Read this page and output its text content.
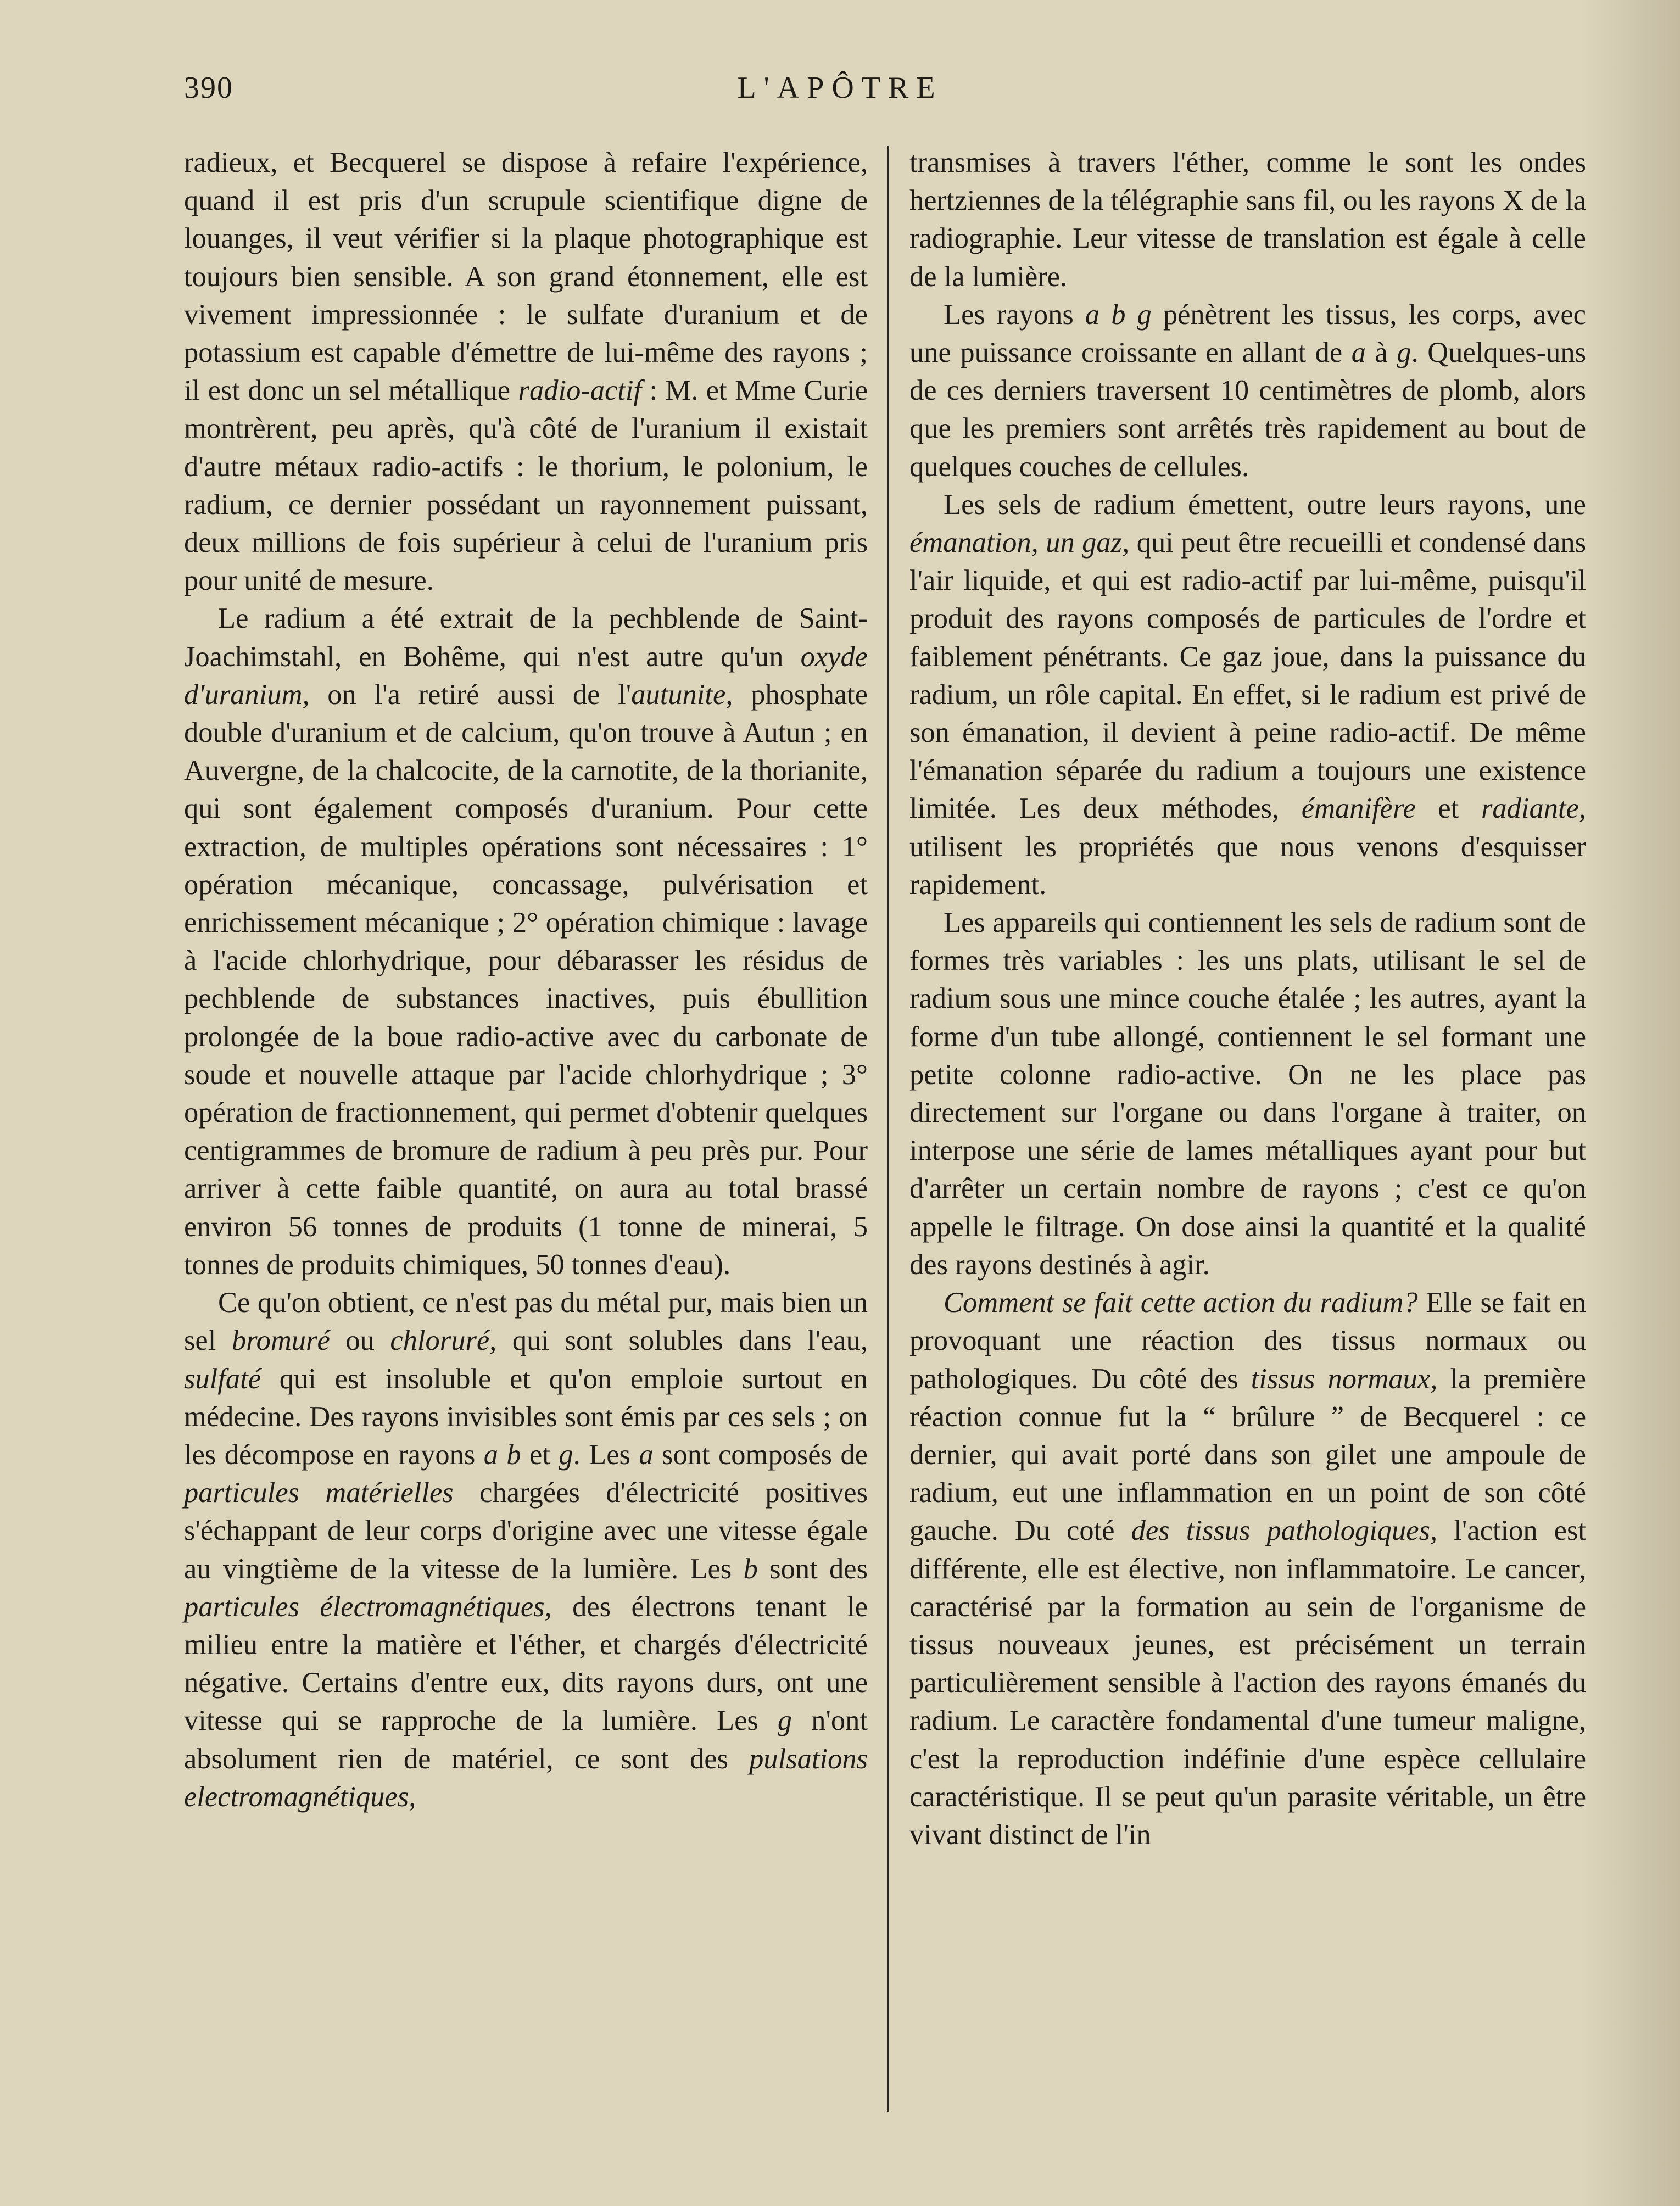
390	L'APÔTRE

radieux, et Becquerel se dispose à refaire l'expérience, quand il est pris d'un scrupule scientifique digne de louanges, il veut vérifier si la plaque photographique est toujours bien sensible. A son grand étonnement, elle est vivement impressionnée : le sulfate d'uranium et de potassium est capable d'émettre de lui-même des rayons ; il est donc un sel métallique radio-actif : M. et Mme Curie montrèrent, peu après, qu'à côté de l'uranium il existait d'autre métaux radio-actifs : le thorium, le polonium, le radium, ce dernier possédant un rayonnement puissant, deux millions de fois supérieur à celui de l'uranium pris pour unité de mesure.

Le radium a été extrait de la pechblende de Saint-Joachimstahl, en Bohême, qui n'est autre qu'un oxyde d'uranium, on l'a retiré aussi de l'autunite, phosphate double d'uranium et de calcium, qu'on trouve à Autun ; en Auvergne, de la chalcocite, de la carnotite, de la thorianite, qui sont également composés d'uranium. Pour cette extraction, de multiples opérations sont nécessaires : 1° opération mécanique, concassage, pulvérisation et enrichissement mécanique ; 2° opération chimique : lavage à l'acide chlorhydrique, pour débarasser les résidus de pechblende de substances inactives, puis ébullition prolongée de la boue radio-active avec du carbonate de soude et nouvelle attaque par l'acide chlorhydrique ; 3° opération de fractionnement, qui permet d'obtenir quelques centigrammes de bromure de radium à peu près pur. Pour arriver à cette faible quantité, on aura au total brassé environ 56 tonnes de produits (1 tonne de minerai, 5 tonnes de produits chimiques, 50 tonnes d'eau).

Ce qu'on obtient, ce n'est pas du métal pur, mais bien un sel bromuré ou chloruré, qui sont solubles dans l'eau, sulfaté qui est insoluble et qu'on emploie surtout en médecine. Des rayons invisibles sont émis par ces sels ; on les décompose en rayons a b et g. Les a sont composés de particules matérielles chargées d'électricité positives s'échappant de leur corps d'origine avec une vitesse égale au vingtième de la vitesse de la lumière. Les b sont des particules électromagnétiques, des électrons tenant le milieu entre la matière et l'éther, et chargés d'électricité négative. Certains d'entre eux, dits rayons durs, ont une vitesse qui se rapproche de la lumière. Les g n'ont absolument rien de matériel, ce sont des pulsations electromagnétiques,

transmises à travers l'éther, comme le sont les ondes hertziennes de la télégraphie sans fil, ou les rayons X de la radiographie. Leur vitesse de translation est égale à celle de la lumière.

Les rayons a b g pénètrent les tissus, les corps, avec une puissance croissante en allant de a à g. Quelques-uns de ces derniers traversent 10 centimètres de plomb, alors que les premiers sont arrêtés très rapidement au bout de quelques couches de cellules.

Les sels de radium émettent, outre leurs rayons, une émanation, un gaz, qui peut être recueilli et condensé dans l'air liquide, et qui est radio-actif par lui-même, puisqu'il produit des rayons composés de particules de l'ordre et faiblement pénétrants. Ce gaz joue, dans la puissance du radium, un rôle capital. En effet, si le radium est privé de son émanation, il devient à peine radio-actif. De même l'émanation séparée du radium a toujours une existence limitée. Les deux méthodes, émanifère et radiante, utilisent les propriétés que nous venons d'esquisser rapidement.

Les appareils qui contiennent les sels de radium sont de formes très variables : les uns plats, utilisant le sel de radium sous une mince couche étalée ; les autres, ayant la forme d'un tube allongé, contiennent le sel formant une petite colonne radio-active. On ne les place pas directement sur l'organe ou dans l'organe à traiter, on interpose une série de lames métalliques ayant pour but d'arrêter un certain nombre de rayons ; c'est ce qu'on appelle le filtrage. On dose ainsi la quantité et la qualité des rayons destinés à agir.

Comment se fait cette action du radium? Elle se fait en provoquant une réaction des tissus normaux ou pathologiques. Du côté des tissus normaux, la première réaction connue fut la “ brûlure ” de Becquerel : ce dernier, qui avait porté dans son gilet une ampoule de radium, eut une inflammation en un point de son côté gauche. Du coté des tissus pathologiques, l'action est différente, elle est élective, non inflammatoire. Le cancer, caractérisé par la formation au sein de l'organisme de tissus nouveaux jeunes, est précisément un terrain particulièrement sensible à l'action des rayons émanés du radium. Le caractère fondamental d'une tumeur maligne, c'est la reproduction indéfinie d'une espèce cellulaire caractéristique. Il se peut qu'un parasite véritable, un être vivant distinct de l'in
